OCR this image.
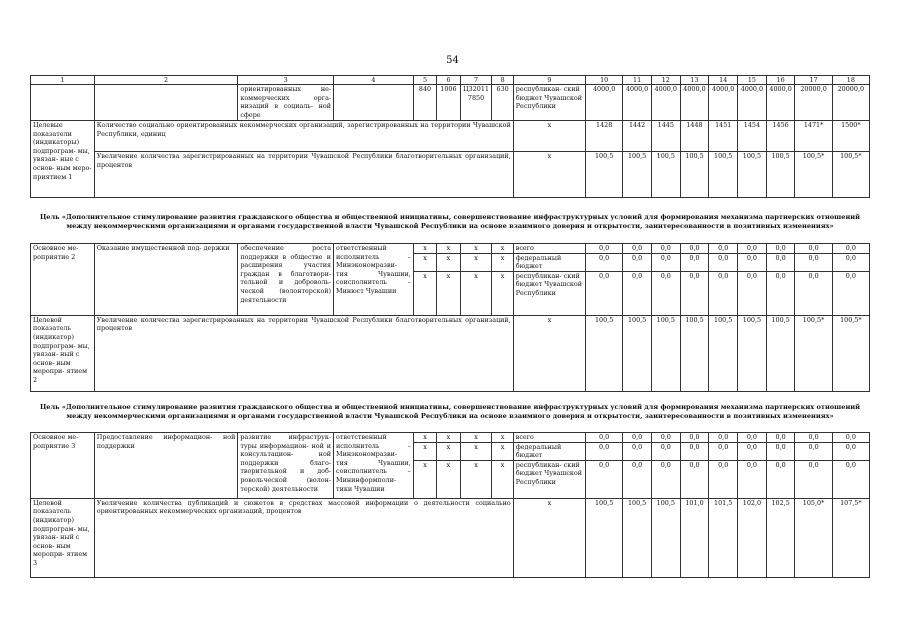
54
1	2	3	4	5	6	7	8	9	10	11	12	13	14	15	16	17	18
		ориентированных не- коммерческих орга- низаций в социаль- ной сфере		840	1006	Ц32011 7850	630	республикан- ский бюджет Чувашской Республики	4000,0	4000,0	4000,0	4000,0	4000,0	4000,0	4000,0	20000,0	20000,0
Целевые показатели (индикаторы) подпрограм- мы, увязан- ные с основ- ным меро- приятием 1	Количество социально ориентированных некоммерческих организаций, зарегистрированных на территории Чувашской Республики, единиц							х	1428	1442	1445	1448	1451	1454	1456	1471*	1500*
	Увеличение количества зарегистрированных на территории Чувашской Республики благотворительных организаций, процентов							х	100,5	100,5	100,5	100,5	100,5	100,5	100,5	100,5*	100,5*
Цель «Дополнительное стимулирование развития гражданского общества и общественной инициативы, совершенствование инфраструктурных условий для формирования механизма партнерских отношений между некоммерческими организациями и органами государственной власти Чувашской Республики на основе взаимного доверия и открытости, заинтересованности в позитивных изменениях»
Основное ме- роприятие 2	Оказание имущественной под- держки	обеспечение роста поддержки в обществе и расширения участия граждан в благотвори- тельной и доброволь- ческой (волонтерской) деятельности	ответственный исполнитель – Минэкономразви- тия Чувашии, соисполнитель – Минюст Чувашии	х	х	х	х	всего	0,0	0,0	0,0	0,0	0,0	0,0	0,0	0,0	0,0
				х	х	х	х	федеральный бюджет	0,0	0,0	0,0	0,0	0,0	0,0	0,0	0,0	0,0
				х	х	х	х	республикан- ский бюджет Чувашской Республики	0,0	0,0	0,0	0,0	0,0	0,0	0,0	0,0	0,0
Целевой показатель (индикатор) подпрограм- мы, увязан- ный с основ- ным меропри- ятием 2	Увеличение количества зарегистрированных на территории Чувашской Республики благотворительных организаций, процентов							х	100,5	100,5	100,5	100,5	100,5	100,5	100,5	100,5*	100,5*
Цель «Дополнительное стимулирование развития гражданского общества и общественной инициативы, совершенствование инфраструктурных условий для формирования механизма партнерских отношений между некоммерческими организациями и органами государственной власти Чувашской Республики на основе взаимного доверия и открытости, заинтересованности в позитивных изменениях»
Основное ме- роприятие 3	Предоставление информацион- ной поддержки	развитие инфраструк- туры информацион- ной и консультацион- ной поддержки благо- творительной и доб- ровольческой (волон- терской) деятельности	ответственный исполнитель – Минэкономразви- тия Чувашии, соисполнитель – Мининформполи- тики Чувашии	х	х	х	х	всего	0,0	0,0	0,0	0,0	0,0	0,0	0,0	0,0	0,0
				х	х	х	х	федеральный бюджет	0,0	0,0	0,0	0,0	0,0	0,0	0,0	0,0	0,0
				х	х	х	х	республикан- ский бюджет Чувашской Республики	0,0	0,0	0,0	0,0	0,0	0,0	0,0	0,0	0,0
Целевой показатель (индикатор) подпрограм- мы, увязан- ный с основ- ным меропри- ятием 3	Увеличение количества публикаций и сюжетов в средствах массовой информации о деятельности социально ориентированных некоммерческих организаций, процентов							х	100,5	100,5	100,5	101,0	101,5	102,0	102,5	105,0*	107,5*
